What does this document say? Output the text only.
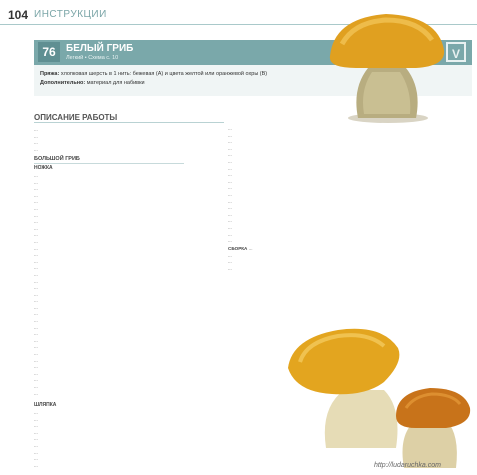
104 ИНСТРУКЦИИ
76	БЕЛЫЙ ГРИБ
Легкий • Схема с. 10	V
Пряжа: хлопковая шерсть в 1 нить: бежевая (А) и цвета желтой или оранжевой охры (В)
Дополнительно: материал для набивки
ОПИСАНИЕ РАБОТЫ
...
...
...
...
БОЛЬШОЙ ГРИБ
НОЖКА
...
...
...
...
...
...
...
...
...
...
...
...
...
...
...
...
...
...
...
...
...
...
...
...
...
...
...
...
...
...
...
...
...
...
ШЛЯПКА
...
...
...
...
...
...
...
...
...
...
...
...
...
...
...
...
...
...
...
...
...
...
...
...
...
...
...
СБОРКА ...
...
...
...
http://ludaruchka.com
